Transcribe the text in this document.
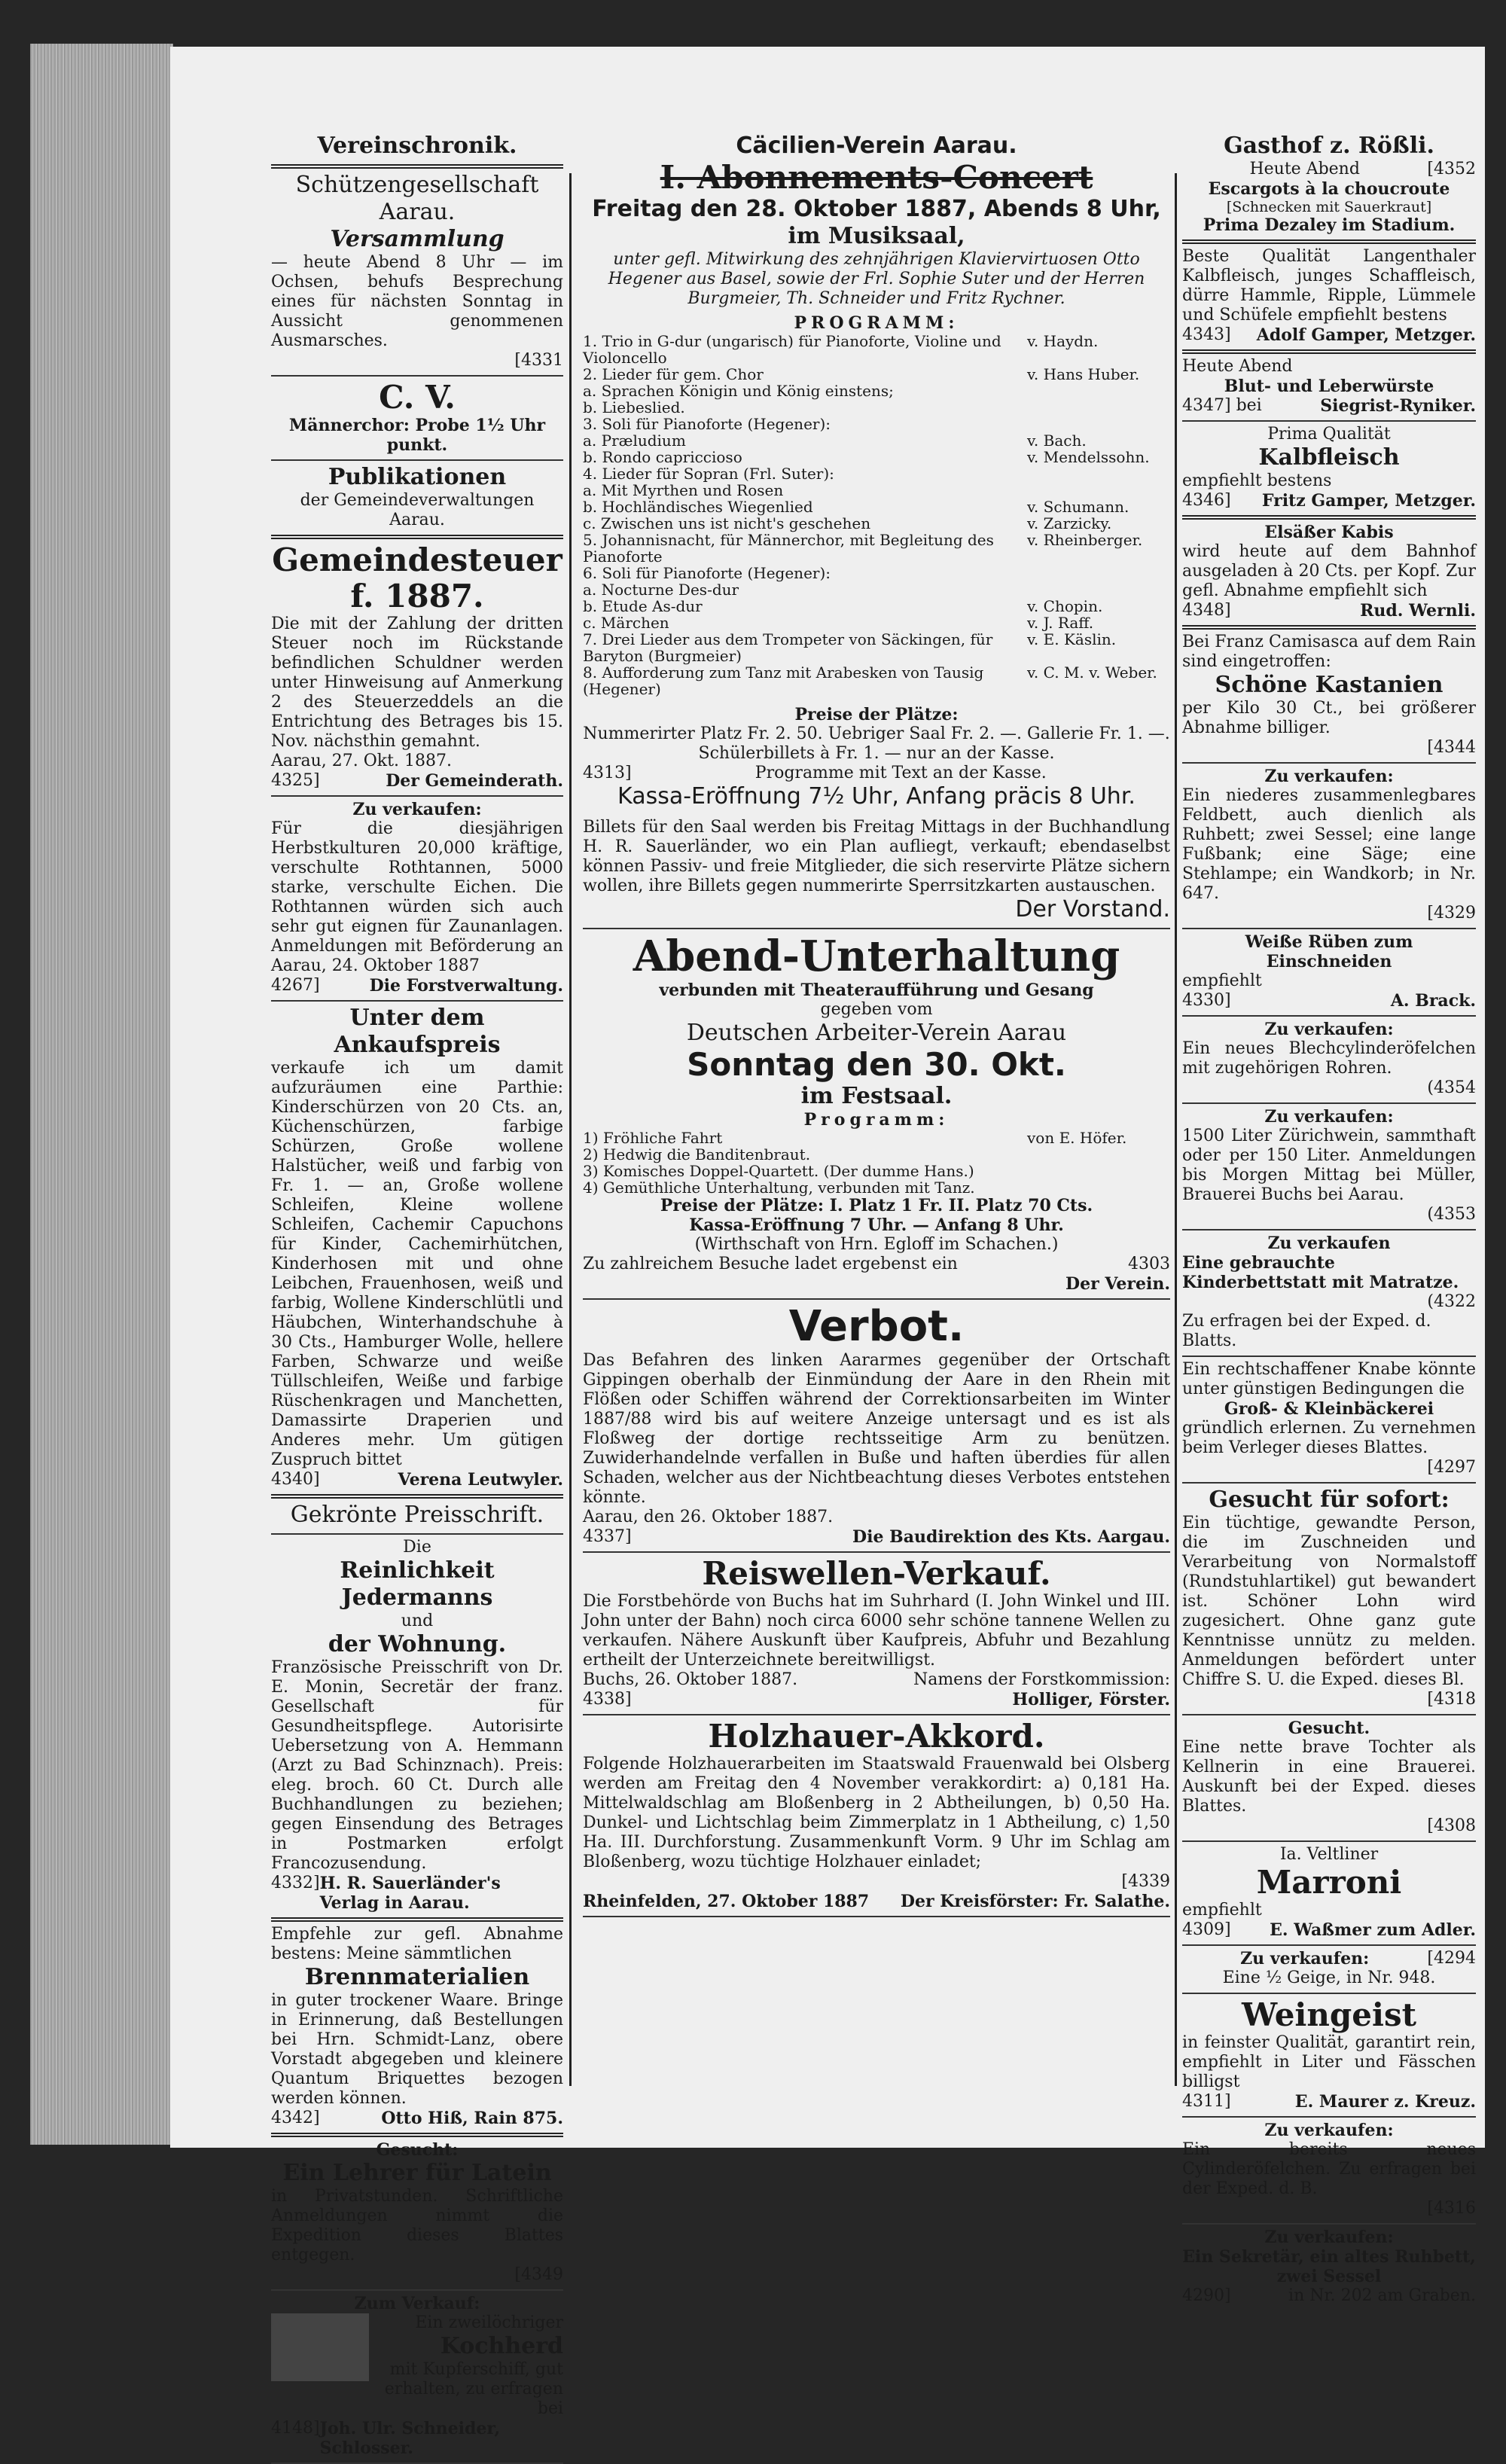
Vereinschronik.
Schützengesellschaft Aarau.
Versammlung
— heute Abend 8 Uhr — im Ochsen, behufs Besprechung eines für nächsten Sonntag in Aussicht genommenen Ausmarsches.
[4331
C. V.
Männerchor: Probe 1½ Uhr punkt.
Publikationen
der Gemeindeverwaltungen Aarau.
Gemeindesteuer f. 1887.
Die mit der Zahlung der dritten Steuer noch im Rückstande befindlichen Schuldner werden unter Hinweisung auf Anmerkung 2 des Steuerzeddels an die Entrichtung des Betrages bis 15. Nov. nächsthin gemahnt.
Aarau, 27. Okt. 1887.
4325]	Der Gemeinderath.
Zu verkaufen:
Für die diesjährigen Herbstkulturen 20,000 kräftige, verschulte Rothtannen, 5000 starke, verschulte Eichen. Die Rothtannen würden sich auch sehr gut eignen für Zaunanlagen. Anmeldungen mit Beförderung an Aarau, 24. Oktober 1887
4267]	Die Forstverwaltung.
Unter dem Ankaufspreis
verkaufe ich um damit aufzuräumen eine Parthie: Kinderschürzen von 20 Cts. an, Küchenschürzen, farbige Schürzen, Große wollene Halstücher, weiß und farbig von Fr. 1. — an, Große wollene Schleifen, Kleine wollene Schleifen, Cachemir Capuchons für Kinder, Cachemirhütchen, Kinderhosen mit und ohne Leibchen, Frauenhosen, weiß und farbig, Wollene Kinderschlütli und Häubchen, Winterhandschuhe à 30 Cts., Hamburger Wolle, hellere Farben, Schwarze und weiße Tüllschleifen, Weiße und farbige Rüschenkragen und Manchetten, Damassirte Draperien und Anderes mehr. Um gütigen Zuspruch bittet
4340]	Verena Leutwyler.
Gekrönte Preisschrift.
Die
Reinlichkeit Jedermanns
und
der Wohnung.
Französische Preisschrift von Dr. E. Monin, Secretär der franz. Gesellschaft für Gesundheitspflege. Autorisirte Uebersetzung von A. Hemmann (Arzt zu Bad Schinznach). Preis: eleg. broch. 60 Ct. Durch alle Buchhandlungen zu beziehen; gegen Einsendung des Betrages in Postmarken erfolgt Francozusendung.
4332] H. R. Sauerländer's Verlag in Aarau.
Empfehle zur gefl. Abnahme bestens: Meine sämmtlichen
Brennmaterialien
in guter trockener Waare. Bringe in Erinnerung, daß Bestellungen bei Hrn. Schmidt-Lanz, obere Vorstadt abgegeben und kleinere Quantum Briquettes bezogen werden können.
4342]	Otto Hiß, Rain 875.
Gesucht:
Ein Lehrer für Latein
in Privatstunden. Schriftliche Anmeldungen nimmt die Expedition dieses Blattes entgegen.
[4349
Zum Verkauf:
Ein zweilöchriger
Kochherd
mit Kupferschiff, gut erhalten, zu erfragen bei
4148] Joh. Ulr. Schneider, Schlosser.
Cäcilien-Verein Aarau.
I. Abonnements-Concert
Freitag den 28. Oktober 1887, Abends 8 Uhr,
im Musiksaal,
unter gefl. Mitwirkung des zehnjährigen Klaviervirtuosen Otto Hegener aus Basel, sowie der Frl. Sophie Suter und der Herren Burgmeier, Th. Schneider und Fritz Rychner.
PROGRAMM:
1. Trio in G-dur (ungarisch) für Pianoforte, Violine und Violoncello
v. Haydn.
2. Lieder für gem. Chor	v. Hans Huber.
a. Sprachen Königin und König einstens;
b. Liebeslied.
3. Soli für Pianoforte (Hegener):
a. Præludium	v. Bach.
b. Rondo capriccioso	v. Mendelssohn.
4. Lieder für Sopran (Frl. Suter):
a. Mit Myrthen und Rosen
b. Hochländisches Wiegenlied	v. Schumann.
c. Zwischen uns ist nicht's geschehen	v. Zarzicky.
5. Johannisnacht, für Männerchor, mit Begleitung des Pianoforte
v. Rheinberger.
6. Soli für Pianoforte (Hegener):
a. Nocturne Des-dur
b. Etude As-dur	v. Chopin.
c. Märchen	v. J. Raff.
7. Drei Lieder aus dem Trompeter von Säckingen, für Baryton (Burgmeier)
v. E. Käslin.
8. Aufforderung zum Tanz mit Arabesken von Tausig (Hegener)
v. C. M. v. Weber.
Preise der Plätze:
Nummerirter Platz Fr. 2. 50. Uebriger Saal Fr. 2. —. Gallerie Fr. 1. —. Schülerbillets à Fr. 1. — nur an der Kasse.
4313]	Programme mit Text an der Kasse.
Kassa-Eröffnung 7½ Uhr, Anfang präcis 8 Uhr.
Billets für den Saal werden bis Freitag Mittags in der Buchhandlung H. R. Sauerländer, wo ein Plan aufliegt, verkauft; ebendaselbst können Passiv- und freie Mitglieder, die sich reservirte Plätze sichern wollen, ihre Billets gegen nummerirte Sperrsitzkarten austauschen.
Der Vorstand.
Abend-Unterhaltung
verbunden mit Theateraufführung und Gesang
gegeben vom
Deutschen Arbeiter-Verein Aarau
Sonntag den 30. Okt.
im Festsaal.
Programm:
1) Fröhliche Fahrt	von E. Höfer.
2) Hedwig die Banditenbraut.
3) Komisches Doppel-Quartett. (Der dumme Hans.)
4) Gemüthliche Unterhaltung, verbunden mit Tanz.
Preise der Plätze: I. Platz 1 Fr. II. Platz 70 Cts.
Kassa-Eröffnung 7 Uhr. — Anfang 8 Uhr.
(Wirthschaft von Hrn. Egloff im Schachen.)
Zu zahlreichem Besuche ladet ergebenst ein	4303
Der Verein.
Verbot.
Das Befahren des linken Aararmes gegenüber der Ortschaft Gippingen oberhalb der Einmündung der Aare in den Rhein mit Flößen oder Schiffen während der Correktionsarbeiten im Winter 1887/88 wird bis auf weitere Anzeige untersagt und es ist als Floßweg der dortige rechtsseitige Arm zu benützen. Zuwiderhandelnde verfallen in Buße und haften überdies für allen Schaden, welcher aus der Nichtbeachtung dieses Verbotes entstehen könnte.
Aarau, den 26. Oktober 1887.
4337]	Die Baudirektion des Kts. Aargau.
Reiswellen-Verkauf.
Die Forstbehörde von Buchs hat im Suhrhard (I. John Winkel und III. John unter der Bahn) noch circa 6000 sehr schöne tannene Wellen zu verkaufen. Nähere Auskunft über Kaufpreis, Abfuhr und Bezahlung ertheilt der Unterzeichnete bereitwilligst.
Buchs, 26. Oktober 1887.	Namens der Forstkommission:
4338]	Holliger, Förster.
Holzhauer-Akkord.
Folgende Holzhauerarbeiten im Staatswald Frauenwald bei Olsberg werden am Freitag den 4 November verakkordirt: a) 0,181 Ha. Mittelwaldschlag am Bloßenberg in 2 Abtheilungen, b) 0,50 Ha. Dunkel- und Lichtschlag beim Zimmerplatz in 1 Abtheilung, c) 1,50 Ha. III. Durchforstung. Zusammenkunft Vorm. 9 Uhr im Schlag am Bloßenberg, wozu tüchtige Holzhauer einladet;
[4339
Rheinfelden, 27. Oktober 1887 Der Kreisförster: Fr. Salathe.
Gasthof z. Rößli.
Heute Abend	[4352
Escargots à la choucroute
[Schnecken mit Sauerkraut]
Prima Dezaley im Stadium.
Beste Qualität Langenthaler Kalbfleisch, junges Schaffleisch, dürre Hammle, Ripple, Lümmele und Schüfele empfiehlt bestens
4343] Adolf Gamper, Metzger.
Heute Abend
Blut- und Leberwürste
4347] bei	Siegrist-Ryniker.
Prima Qualität
Kalbfleisch
empfiehlt bestens
4346] Fritz Gamper, Metzger.
Elsäßer Kabis
wird heute auf dem Bahnhof ausgeladen à 20 Cts. per Kopf. Zur gefl. Abnahme empfiehlt sich
4348]	Rud. Wernli.
Bei Franz Camisasca auf dem Rain sind eingetroffen:
Schöne Kastanien
per Kilo 30 Ct., bei größerer Abnahme billiger.
[4344
Zu verkaufen:
Ein niederes zusammenlegbares Feldbett, auch dienlich als Ruhbett; zwei Sessel; eine lange Fußbank; eine Säge; eine Stehlampe; ein Wandkorb; in Nr. 647.
[4329
Weiße Rüben zum Einschneiden
empfiehlt
4330]	A. Brack.
Zu verkaufen:
Ein neues Blechcylinderöfelchen mit zugehörigen Rohren.
(4354
Zu verkaufen:
1500 Liter Zürichwein, sammthaft oder per 150 Liter. Anmeldungen bis Morgen Mittag bei Müller, Brauerei Buchs bei Aarau.
(4353
Zu verkaufen
Eine gebrauchte Kinderbettstatt mit Matratze.
(4322
Zu erfragen bei der Exped. d. Blatts.
Ein rechtschaffener Knabe könnte unter günstigen Bedingungen die
Groß- & Kleinbäckerei
gründlich erlernen. Zu vernehmen beim Verleger dieses Blattes.
[4297
Gesucht für sofort:
Ein tüchtige, gewandte Person, die im Zuschneiden und Verarbeitung von Normalstoff (Rundstuhlartikel) gut bewandert ist. Schöner Lohn wird zugesichert. Ohne ganz gute Kenntnisse unnütz zu melden. Anmeldungen befördert unter Chiffre S. U. die Exped. dieses Bl.
[4318
Gesucht.
Eine nette brave Tochter als Kellnerin in eine Brauerei. Auskunft bei der Exped. dieses Blattes.
[4308
Ia. Veltliner
Marroni
empfiehlt
4309] E. Waßmer zum Adler.
Zu verkaufen:	[4294
Eine ½ Geige, in Nr. 948.
Weingeist
in feinster Qualität, garantirt rein, empfiehlt in Liter und Fässchen billigst
4311]	E. Maurer z. Kreuz.
Zu verkaufen:
Ein bereits neues Cylinderöfelchen. Zu erfragen bei der Exped. d. B.
[4316
Zu verkaufen:
Ein Sekretär, ein altes Ruhbett, zwei Sessel
4290]	in Nr. 202 am Graben.
